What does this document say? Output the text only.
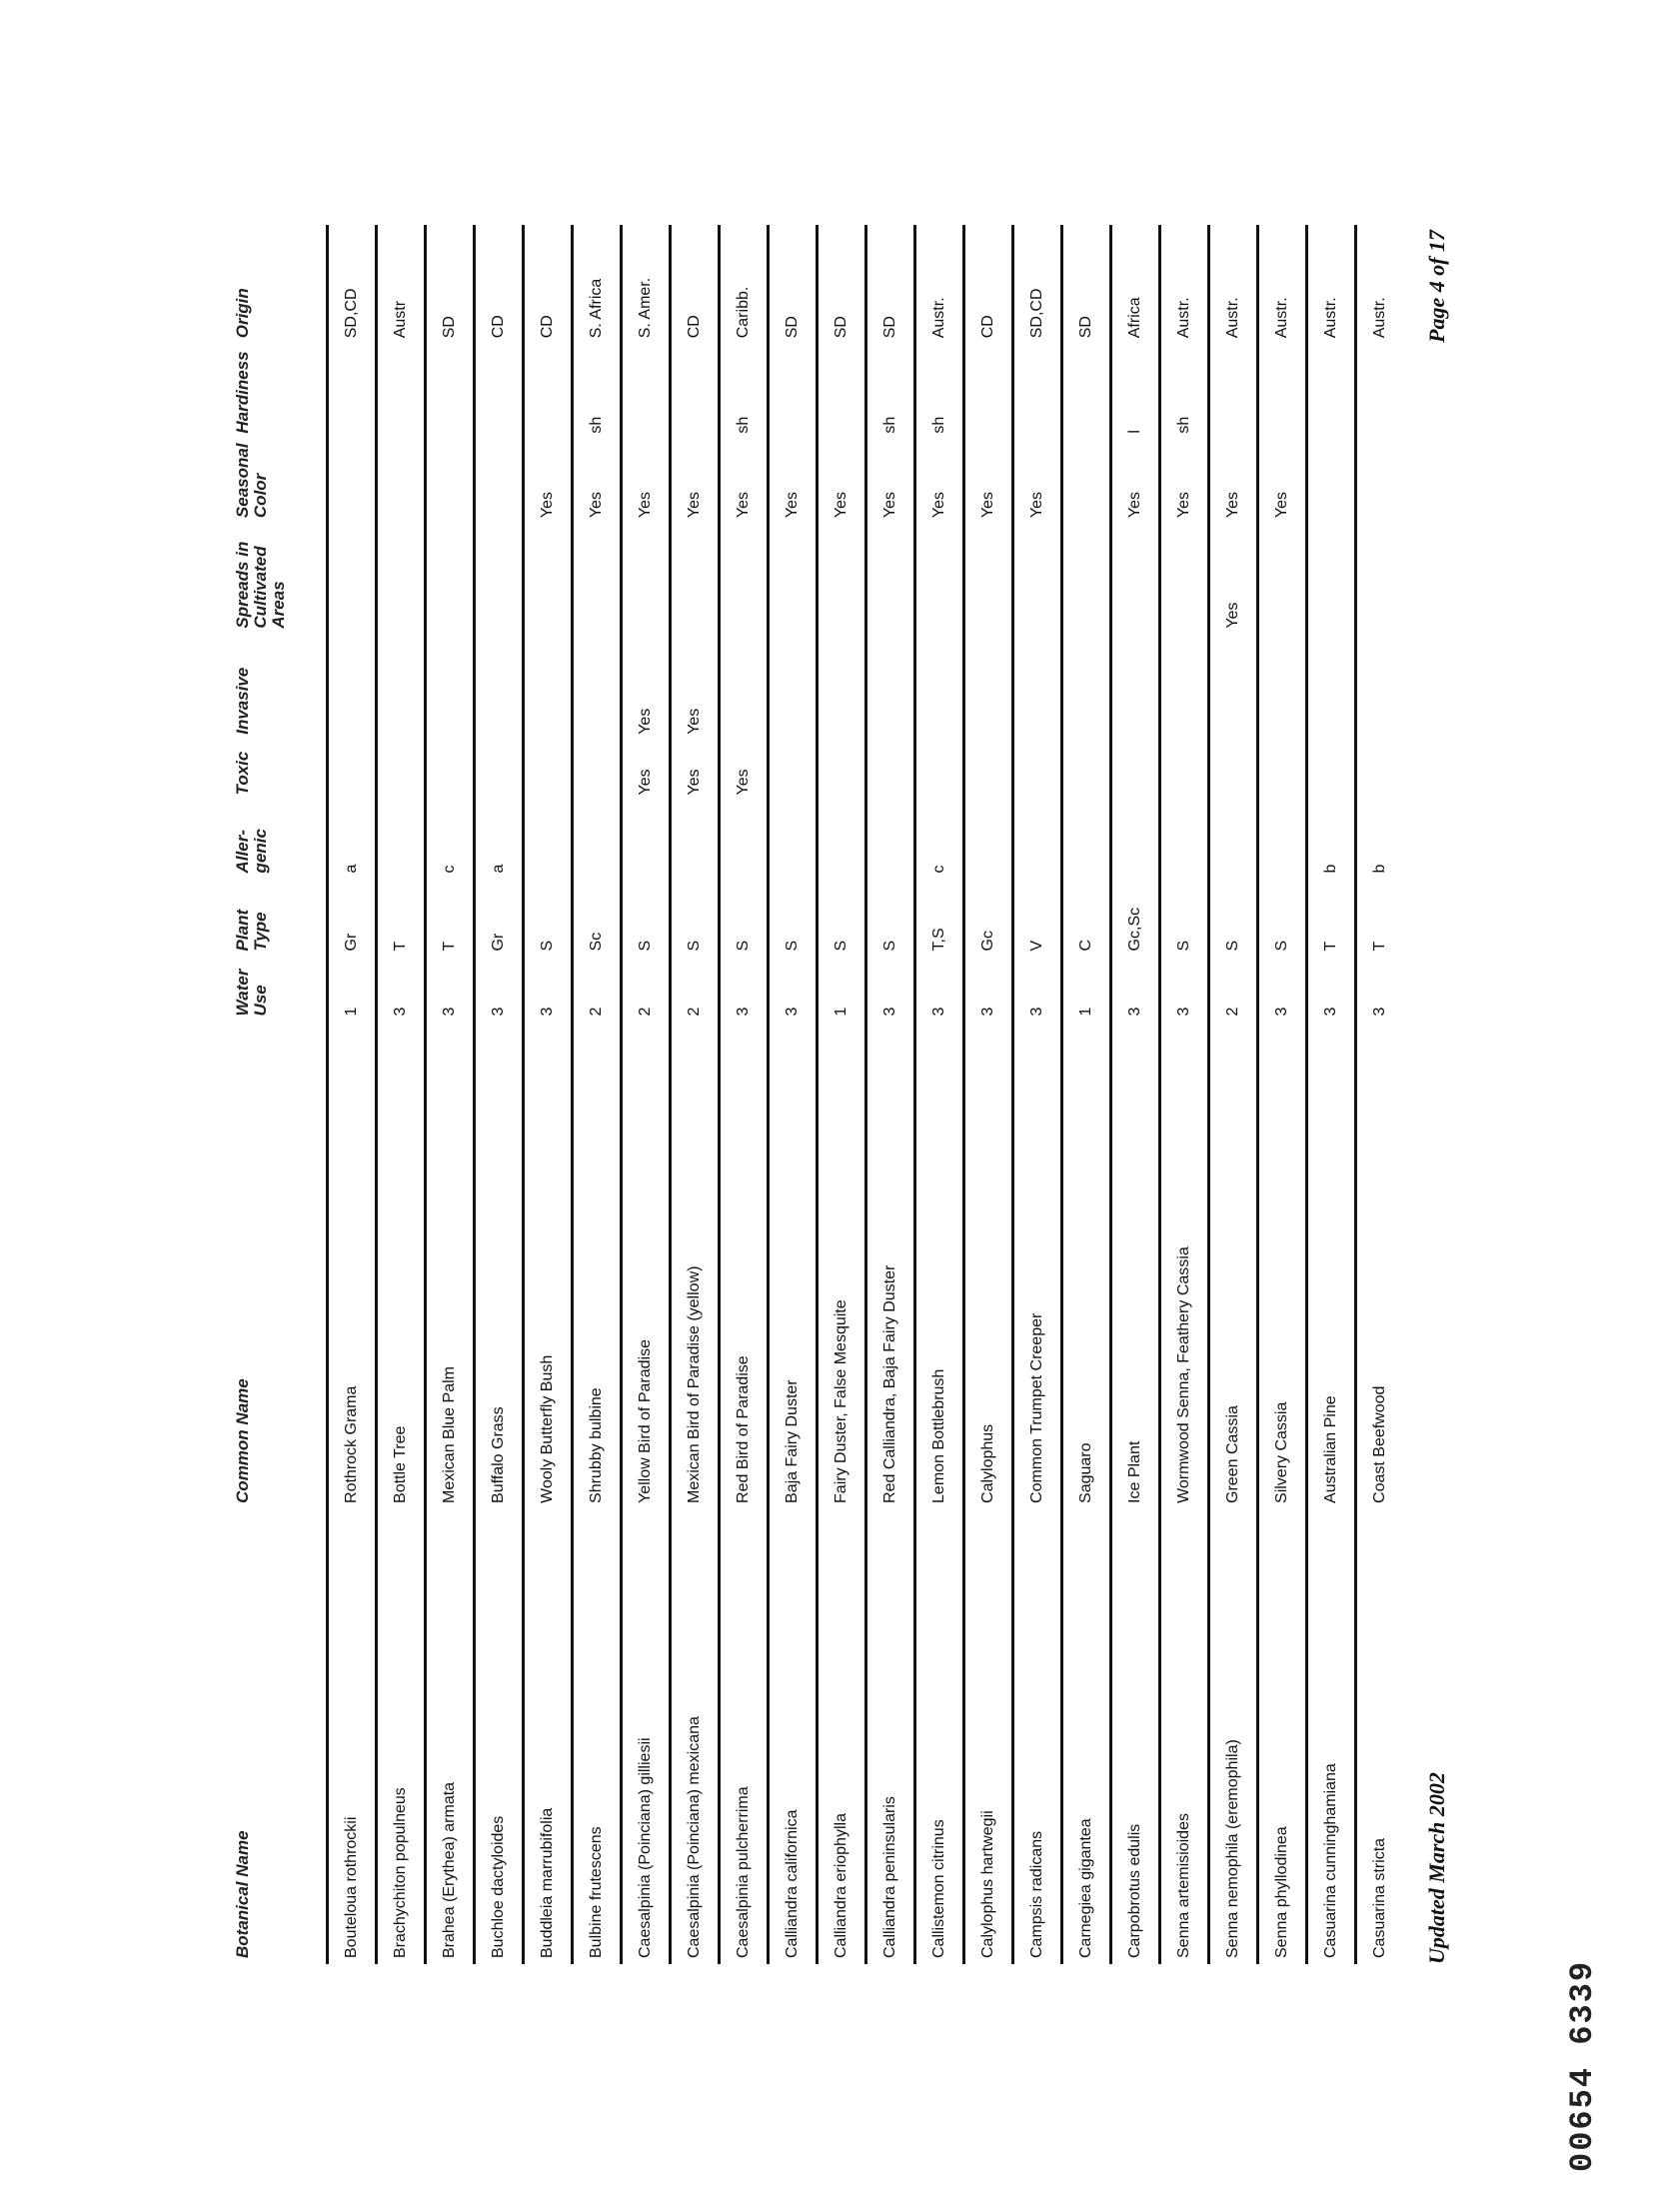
Botanical Name	Common Name	Water Use	Plant Type	Aller- genic	Toxic	Invasive	Spreads in Cultivated Areas	Seasonal Color	Hardiness	Origin
Bouteloua rothrockii	Rothrock Grama	1	Gr	a						SD,CD
Brachychiton populneus	Bottle Tree	3	T							Austr
Brahea (Erythea) armata	Mexican Blue Palm	3	T	c						SD
Buchloe dactyloides	Buffalo Grass	3	Gr	a						CD
Buddleia marrubifolia	Wooly Butterfly Bush	3	S					Yes		CD
Bulbine frutescens	Shrubby bulbine	2	Sc					Yes	sh	S. Africa
Caesalpinia (Poinciana) gilliesii	Yellow Bird of Paradise	2	S		Yes	Yes		Yes		S. Amer.
Caesalpinia (Poinciana) mexicana	Mexican Bird of Paradise (yellow)	2	S		Yes	Yes		Yes		CD
Caesalpinia pulcherrima	Red Bird of Paradise	3	S		Yes			Yes	sh	Caribb.
Calliandra californica	Baja Fairy Duster	3	S					Yes		SD
Calliandra eriophylla	Fairy Duster, False Mesquite	1	S					Yes		SD
Calliandra peninsularis	Red Calliandra, Baja Fairy Duster	3	S					Yes	sh	SD
Callistemon citrinus	Lemon Bottlebrush	3	T,S	c				Yes	sh	Austr.
Calylophus hartwegii	Calylophus	3	Gc					Yes		CD
Campsis radicans	Common Trumpet Creeper	3	V					Yes		SD,CD
Carnegiea gigantea	Saguaro	1	C							SD
Carpobrotus edulis	Ice Plant	3	Gc,Sc					Yes	l	Africa
Senna artemisioides	Wormwood Senna, Feathery Cassia	3	S					Yes	sh	Austr.
Senna nemophila (eremophila)	Green Cassia	2	S				Yes	Yes		Austr.
Senna phyllodinea	Silvery Cassia	3	S					Yes		Austr.
Casuarina cunninghamiana	Australian Pine	3	T	b						Austr.
Casuarina stricta	Coast Beefwood	3	T	b						Austr.
Updated March 2002
Page 4 of 17
00654 6339
